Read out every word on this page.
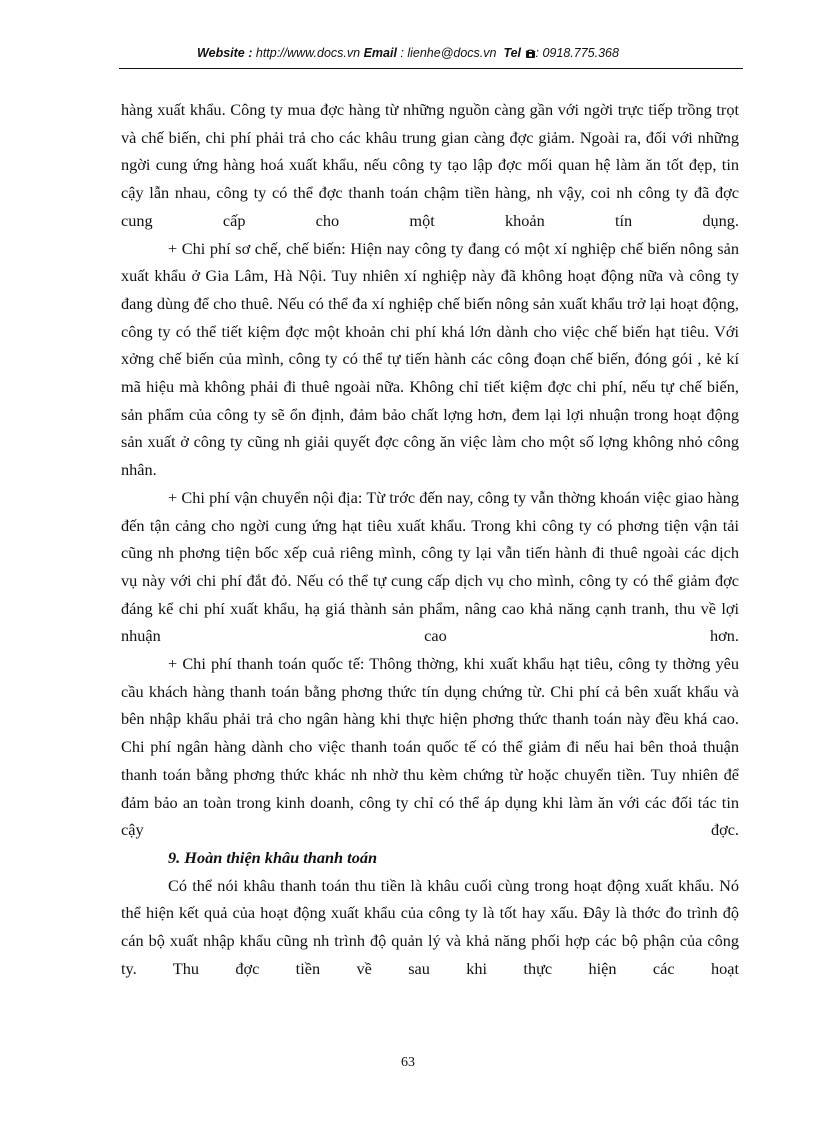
Website : http://www.docs.vn Email : lienhe@docs.vn Tel : 0918.775.368

hàng xuất khẩu. Công ty mua đợc hàng từ những nguồn càng gần với ngời trực tiếp trồng trọt và chế biến, chi phí phải trả cho các khâu trung gian càng đợc giảm. Ngoài ra, đối với những ngời cung ứng hàng hoá xuất khẩu, nếu công ty tạo lập đợc mối quan hệ làm ăn tốt đẹp, tin cậy lẫn nhau, công ty có thể đợc thanh toán chậm tiền hàng, nh vậy, coi nh công ty đã đợc cung cấp cho một khoản tín dụng.

+ Chi phí sơ chế, chế biến: Hiện nay công ty đang có một xí nghiệp chế biến nông sản xuất khẩu ở Gia Lâm, Hà Nội. Tuy nhiên xí nghiệp này đã không hoạt động nữa và công ty đang dùng để cho thuê. Nếu có thể đa xí nghiệp chế biến nông sản xuất khẩu trở lại hoạt động, công ty có thể tiết kiệm đợc một khoản chi phí khá lớn dành cho việc chế biến hạt tiêu. Với xởng chế biến của mình, công ty có thể tự tiến hành các công đoạn chế biến, đóng gói , kẻ kí mã hiệu mà không phải đi thuê ngoài nữa. Không chỉ tiết kiệm đợc chi phí, nếu tự chế biến, sản phẩm của công ty sẽ ổn định, đảm bảo chất lợng hơn, đem lại lợi nhuận trong hoạt động sản xuất ở công ty cũng nh giải quyết đợc công ăn việc làm cho một số lợng không nhỏ công nhân.

+ Chi phí vận chuyển nội địa: Từ trớc đến nay, công ty vẫn thờng khoán việc giao hàng đến tận cảng cho ngời cung ứng hạt tiêu xuất khẩu. Trong khi công ty có phơng tiện vận tải cũng nh phơng tiện bốc xếp cuả riêng mình, công ty lại vẫn tiến hành đi thuê ngoài các dịch vụ này với chi phí đắt đỏ. Nếu có thể tự cung cấp dịch vụ cho mình, công ty có thể giảm đợc đáng kể chi phí xuất khẩu, hạ giá thành sản phẩm, nâng cao khả năng cạnh tranh, thu về lợi nhuận cao hơn.

+ Chi phí thanh toán quốc tế: Thông thờng, khi xuất khẩu hạt tiêu, công ty thờng yêu cầu khách hàng thanh toán bằng phơng thức tín dụng chứng từ. Chi phí cả bên xuất khẩu và bên nhập khẩu phải trả cho ngân hàng khi thực hiện phơng thức thanh toán này đều khá cao. Chi phí ngân hàng dành cho việc thanh toán quốc tế có thể giảm đi nếu hai bên thoả thuận thanh toán bằng phơng thức khác nh nhờ thu kèm chứng từ hoặc chuyển tiền. Tuy nhiên để đảm bảo an toàn trong kinh doanh, công ty chỉ có thể áp dụng khi làm ăn với các đối tác tin cậy đợc.

9. Hoàn thiện khâu thanh toán

Có thể nói khâu thanh toán thu tiền là khâu cuối cùng trong hoạt động xuất khẩu. Nó thể hiện kết quả của hoạt động xuất khẩu của công ty là tốt hay xấu. Đây là thớc đo trình độ cán bộ xuất nhập khẩu cũng nh trình độ quản lý và khả năng phối hợp các bộ phận của công ty. Thu đợc tiền về sau khi thực hiện các hoạt

63
